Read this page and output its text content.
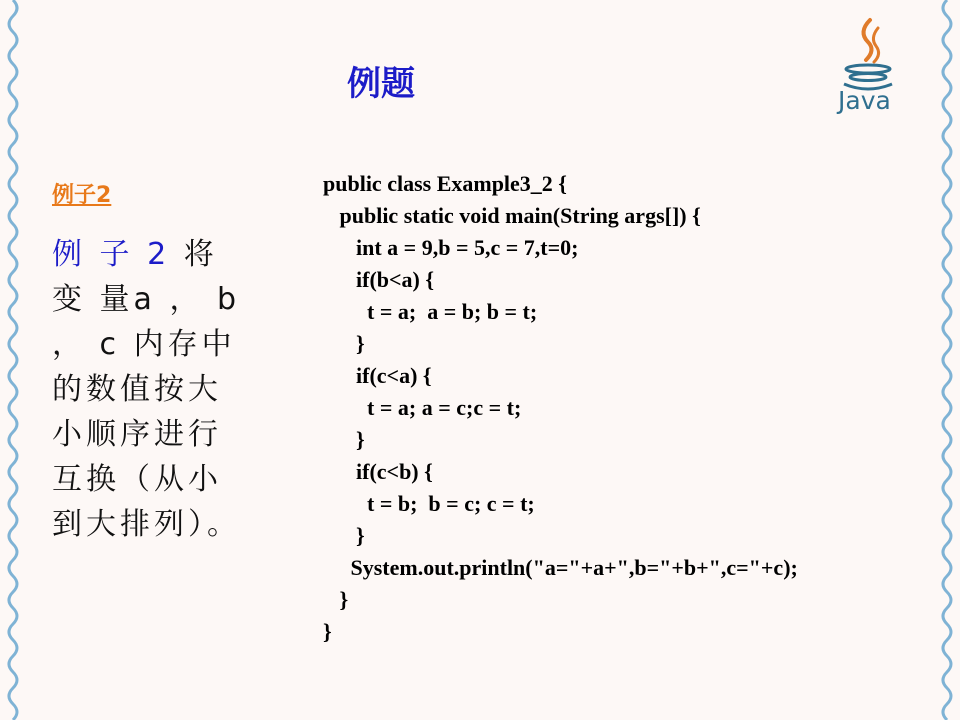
例题	Java
例子2
例 子 2 将 变 量a ， b ， c 内存中的数值按大小顺序进行互换（从小到大排列）。
public class Example3_2 {
public static void main(String args[]) {
int a = 9,b = 5,c = 7,t=0;
if(b<a) {
t = a;  a = b; b = t;
}
if(c<a) {
t = a; a = c;c = t;
}
if(c<b) {
t = b;  b = c; c = t;
}
System.out.println("a="+a+",b="+b+",c="+c);
}
}
